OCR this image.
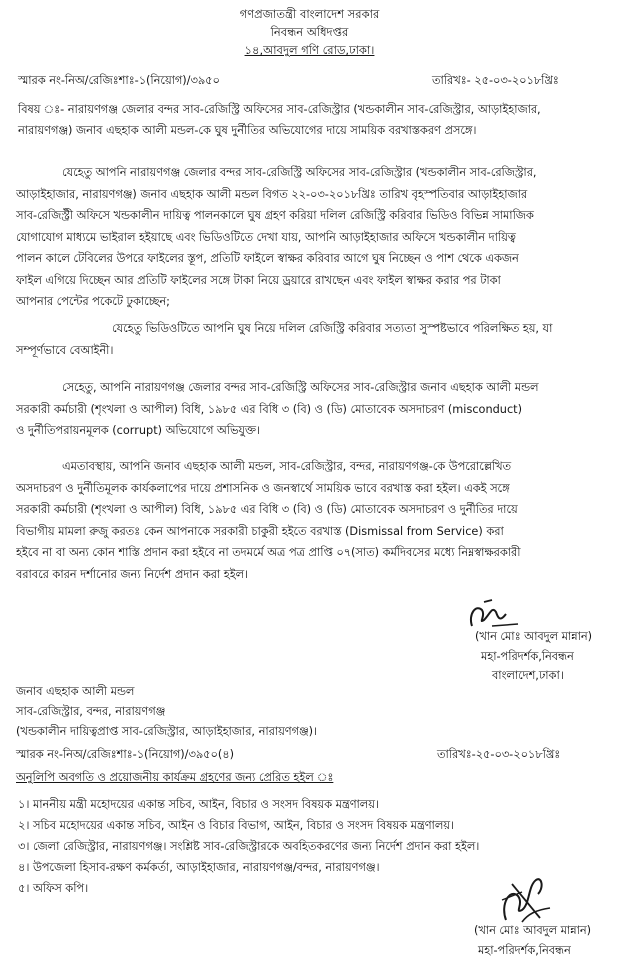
গণপ্রজাতন্ত্রী বাংলাদেশ সরকার
নিবন্ধন অধিদপ্তর
১৪,আবদুল গণি রোড,ঢাকা।
স্মারক নং-নিঅ/রেজিঃশাঃ-১(নিয়োগ)/৩৯৫০	তারিখঃ- ২৫-০৩-২০১৮খ্রিঃ
বিষয় ঃ- নারায়ণগঞ্জ জেলার বন্দর সাব-রেজিস্ট্রি অফিসের সাব-রেজিস্ট্রার (খন্ডকালীন সাব-রেজিস্ট্রার, আড়াইহাজার,
নারায়ণগঞ্জ) জনাব এছহাক আলী মন্ডল-কে ঘুষ দুর্নীতির অভিযোগের দায়ে সাময়িক বরখাস্তকরণ প্রসঙ্গে।
যেহেতু আপনি নারায়ণগঞ্জ জেলার বন্দর সাব-রেজিস্ট্রি অফিসের সাব-রেজিস্ট্রার (খন্ডকালীন সাব-রেজিস্ট্রার,
আড়াইহাজার, নারায়ণগঞ্জ) জনাব এছহাক আলী মন্ডল বিগত ২২-০৩-২০১৮খ্রিঃ তারিখ বৃহস্পতিবার আড়াইহাজার
সাব-রেজিস্ট্রী অফিসে খন্ডকালীন দায়িত্ব পালনকালে ঘুষ গ্রহণ করিয়া দলিল রেজিস্ট্রি করিবার ভিডিও বিভিন্ন সামাজিক
যোগাযোগ মাধ্যমে ভাইরাল হইয়াছে এবং ভিডিওটিতে দেখা যায়, আপনি আড়াইহাজার অফিসে খন্ডকালীন দায়িত্ব
পালন কালে টেবিলের উপরে ফাইলের স্তূপ, প্রতিটি ফাইলে স্বাক্ষর করিবার আগে ঘুষ নিচ্ছেন ও পাশ থেকে একজন
ফাইল এগিয়ে দিচ্ছেন আর প্রতিটি ফাইলের সঙ্গে টাকা নিয়ে ড্রয়ারে রাখছেন এবং ফাইল স্বাক্ষর করার পর টাকা
আপনার পেন্টের পকেটে ঢুকাচ্ছেন;
যেহেতু ভিডিওটিতে আপনি ঘুষ নিয়ে দলিল রেজিস্ট্রি করিবার সত্যতা সুস্পষ্টভাবে পরিলক্ষিত হয়, যা
সম্পূর্ণভাবে বেআইনী।
সেহেতু, আপনি নারায়ণগঞ্জ জেলার বন্দর সাব-রেজিস্ট্রি অফিসের সাব-রেজিস্ট্রার জনাব এছহাক আলী মন্ডল
সরকারী কর্মচারী (শৃংখলা ও আপীল) বিধি, ১৯৮৫ এর বিধি ৩ (বি) ও (ডি) মোতাবেক অসদাচরণ (misconduct)
ও দুর্নীতিপরায়নমূলক (corrupt) অভিযোগে অভিযুক্ত।
এমতাবস্থায়, আপনি জনাব এছহাক আলী মন্ডল, সাব-রেজিস্ট্রার, বন্দর, নারায়ণগঞ্জ-কে উপরোল্লেখিত
অসদাচরণ ও দুর্নীতিমূলক কার্যকলাপের দায়ে প্রশাসনিক ও জনস্বার্থে সাময়িক ভাবে বরখাস্ত করা হইল। একই সঙ্গে
সরকারী কর্মচারী (শৃংখলা ও আপীল) বিধি, ১৯৮৫ এর বিধি ৩ (বি) ও (ডি) মোতাবেক অসদাচরণ ও দুর্নীতির দায়ে
বিভাগীয় মামলা রুজু করতঃ কেন আপনাকে সরকারী চাকুরী হইতে বরখাস্ত (Dismissal from Service) করা
হইবে না বা অন্য কোন শাস্তি প্রদান করা হইবে না তদমর্মে অত্র পত্র প্রাপ্তি ০৭(সাত) কর্মদিবসের মধ্যে নিম্নস্বাক্ষরকারী
বরাবরে কারন দর্শানোর জন্য নির্দেশ প্রদান করা হইল।
(খান মোঃ আবদুল মান্নান)
মহা-পরিদর্শক,নিবন্ধন
বাংলাদেশ,ঢাকা।
জনাব এছহাক আলী মন্ডল
সাব-রেজিস্ট্রার, বন্দর, নারায়ণগঞ্জ
(খন্ডকালীন দায়িত্বপ্রাপ্ত সাব-রেজিস্ট্রার, আড়াইহাজার, নারায়ণগঞ্জ)।
স্মারক নং-নিঅ/রেজিঃশাঃ-১(নিয়োগ)/৩৯৫০(৪)	তারিখঃ-২৫-০৩-২০১৮খ্রিঃ
অনুলিপি অবগতি ও প্রয়োজনীয় কার্যক্রম গ্রহণের জন্য প্রেরিত হইল ঃ
১। মাননীয় মন্ত্রী মহোদয়ের একান্ত সচিব, আইন, বিচার ও সংসদ বিষয়ক মন্ত্রণালয়।
২। সচিব মহোদয়ের একান্ত সচিব, আইন ও বিচার বিভাগ, আইন, বিচার ও সংসদ বিষয়ক মন্ত্রণালয়।
৩। জেলা রেজিস্ট্রার, নারায়ণগঞ্জ। সংশ্লিষ্ট সাব-রেজিস্ট্রারকে অবহিতকরণের জন্য নির্দেশ প্রদান করা হইল।
৪। উপজেলা হিসাব-রক্ষণ কর্মকর্তা, আড়াইহাজার, নারায়ণগঞ্জ/বন্দর, নারায়ণগঞ্জ।
৫। অফিস কপি।
(খান মোঃ আবদুল মান্নান)
মহা-পরিদর্শক,নিবন্ধন
